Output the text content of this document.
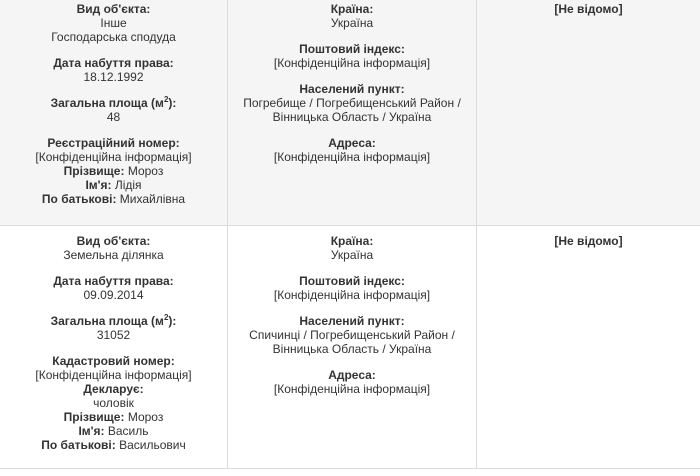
Вид об'єкта:
Інше
Господарська сподуда
Дата набуття права:
18.12.1992
Загальна площа $(м^2)$:
48
Реєстраційний номер:
[Конфіденційна інформація]
Прізвище: Мороз
Ім'я: Лідія
По батькові: Михайлівна
Країна:
Україна
Поштовий індекс:
[Конфіденційна інформація]
Населений пункт:
Погребище / Погребищенський Район /
Вінницька Область / Україна
Адреса:
[Конфіденційна інформація]
[Не відомо]
Вид об'єкта:
Земельна ділянка
Дата набуття права:
09.09.2014
Загальна площа $(м^2)$:
31052
Кадастровий номер:
[Конфіденційна інформація]
Декларує:
чоловік
Прізвище: Мороз
Ім'я: Василь
По батькові: Васильович
Країна:
Україна
Поштовий індекс:
[Конфіденційна інформація]
Населений пункт:
Спичинці / Погребищенський Район /
Вінницька Область / Україна
Адреса:
[Конфіденційна інформація]
[Не відомо]
